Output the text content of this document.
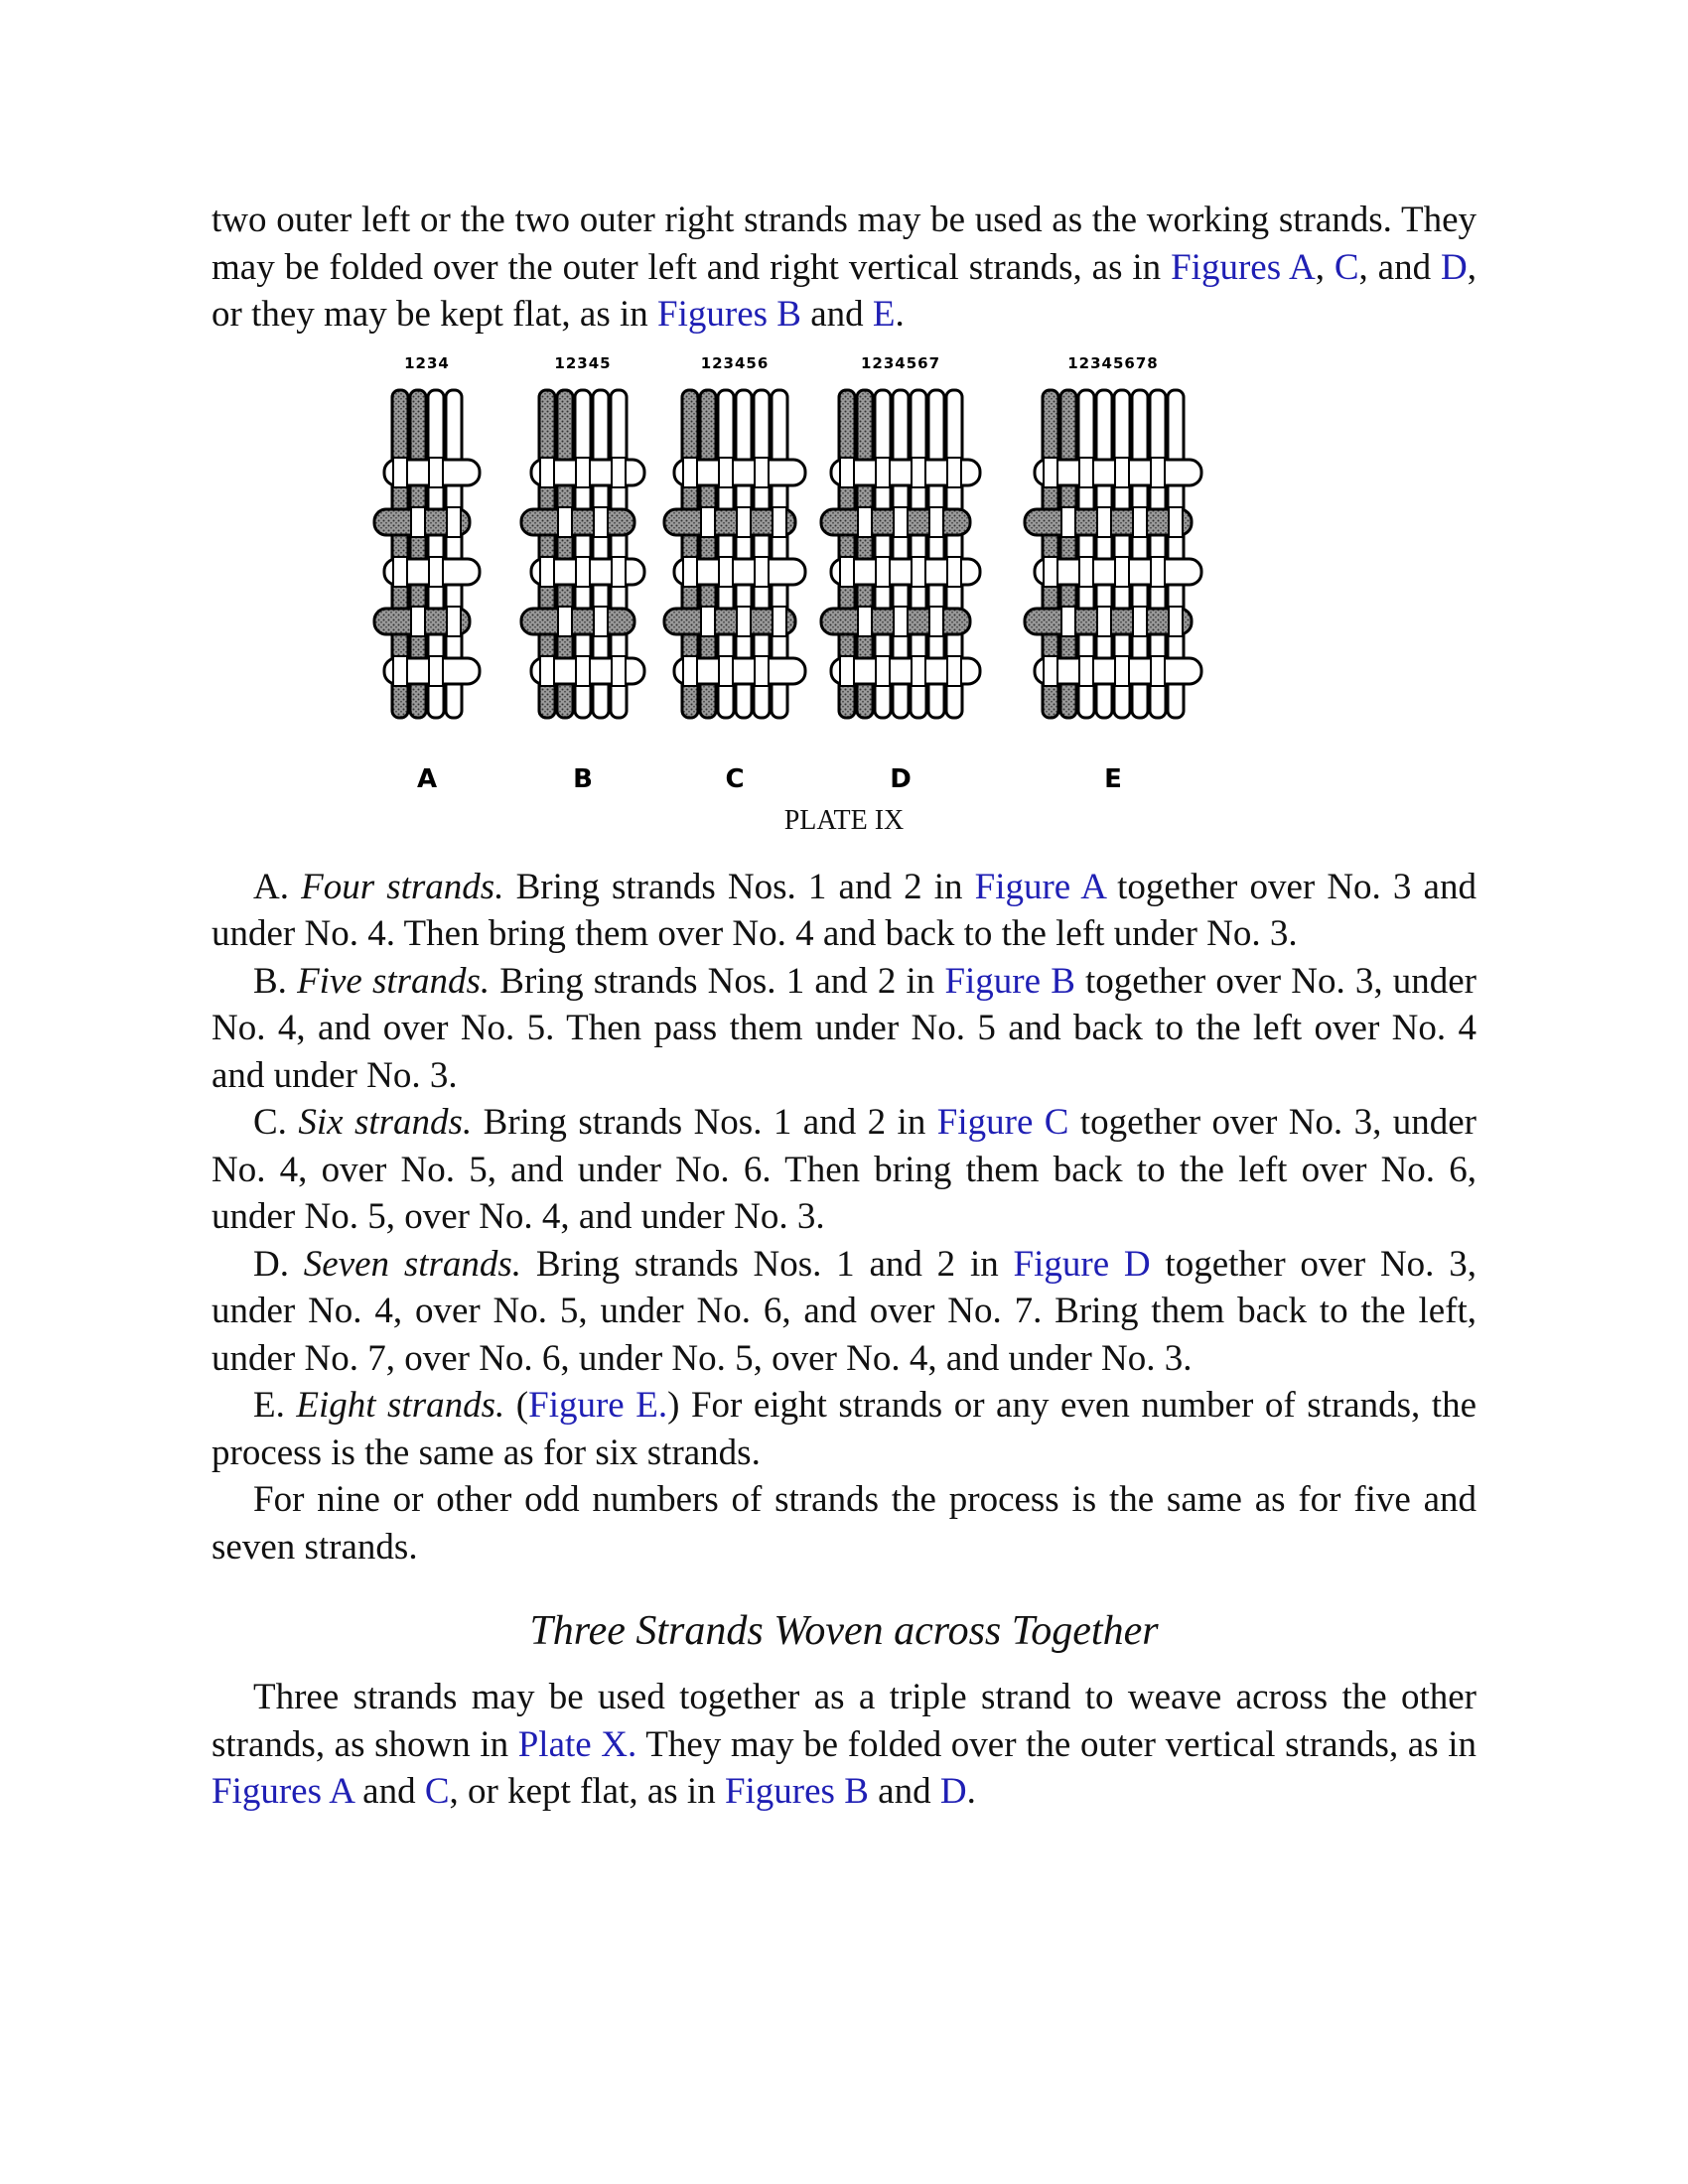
two outer left or the two outer right strands may be used as the working strands. They may be folded over the outer left and right vertical strands, as in Figures A, C, and D, or they may be kept flat, as in Figures B and E.

1234
A
12345
B
123456
C
1234567
D
12345678
E
PLATE IX

A. Four strands. Bring strands Nos. 1 and 2 in Figure A together over No. 3 and under No. 4. Then bring them over No. 4 and back to the left under No. 3.

B. Five strands. Bring strands Nos. 1 and 2 in Figure B together over No. 3, under No. 4, and over No. 5. Then pass them under No. 5 and back to the left over No. 4 and under No. 3.

C. Six strands. Bring strands Nos. 1 and 2 in Figure C together over No. 3, under No. 4, over No. 5, and under No. 6. Then bring them back to the left over No. 6, under No. 5, over No. 4, and under No. 3.

D. Seven strands. Bring strands Nos. 1 and 2 in Figure D together over No. 3, under No. 4, over No. 5, under No. 6, and over No. 7. Bring them back to the left, under No. 7, over No. 6, under No. 5, over No. 4, and under No. 3.

E. Eight strands. (Figure E.) For eight strands or any even number of strands, the process is the same as for six strands.

For nine or other odd numbers of strands the process is the same as for five and seven strands.

Three Strands Woven across Together

Three strands may be used together as a triple strand to weave across the other strands, as shown in Plate X. They may be folded over the outer vertical strands, as in Figures A and C, or kept flat, as in Figures B and D.
